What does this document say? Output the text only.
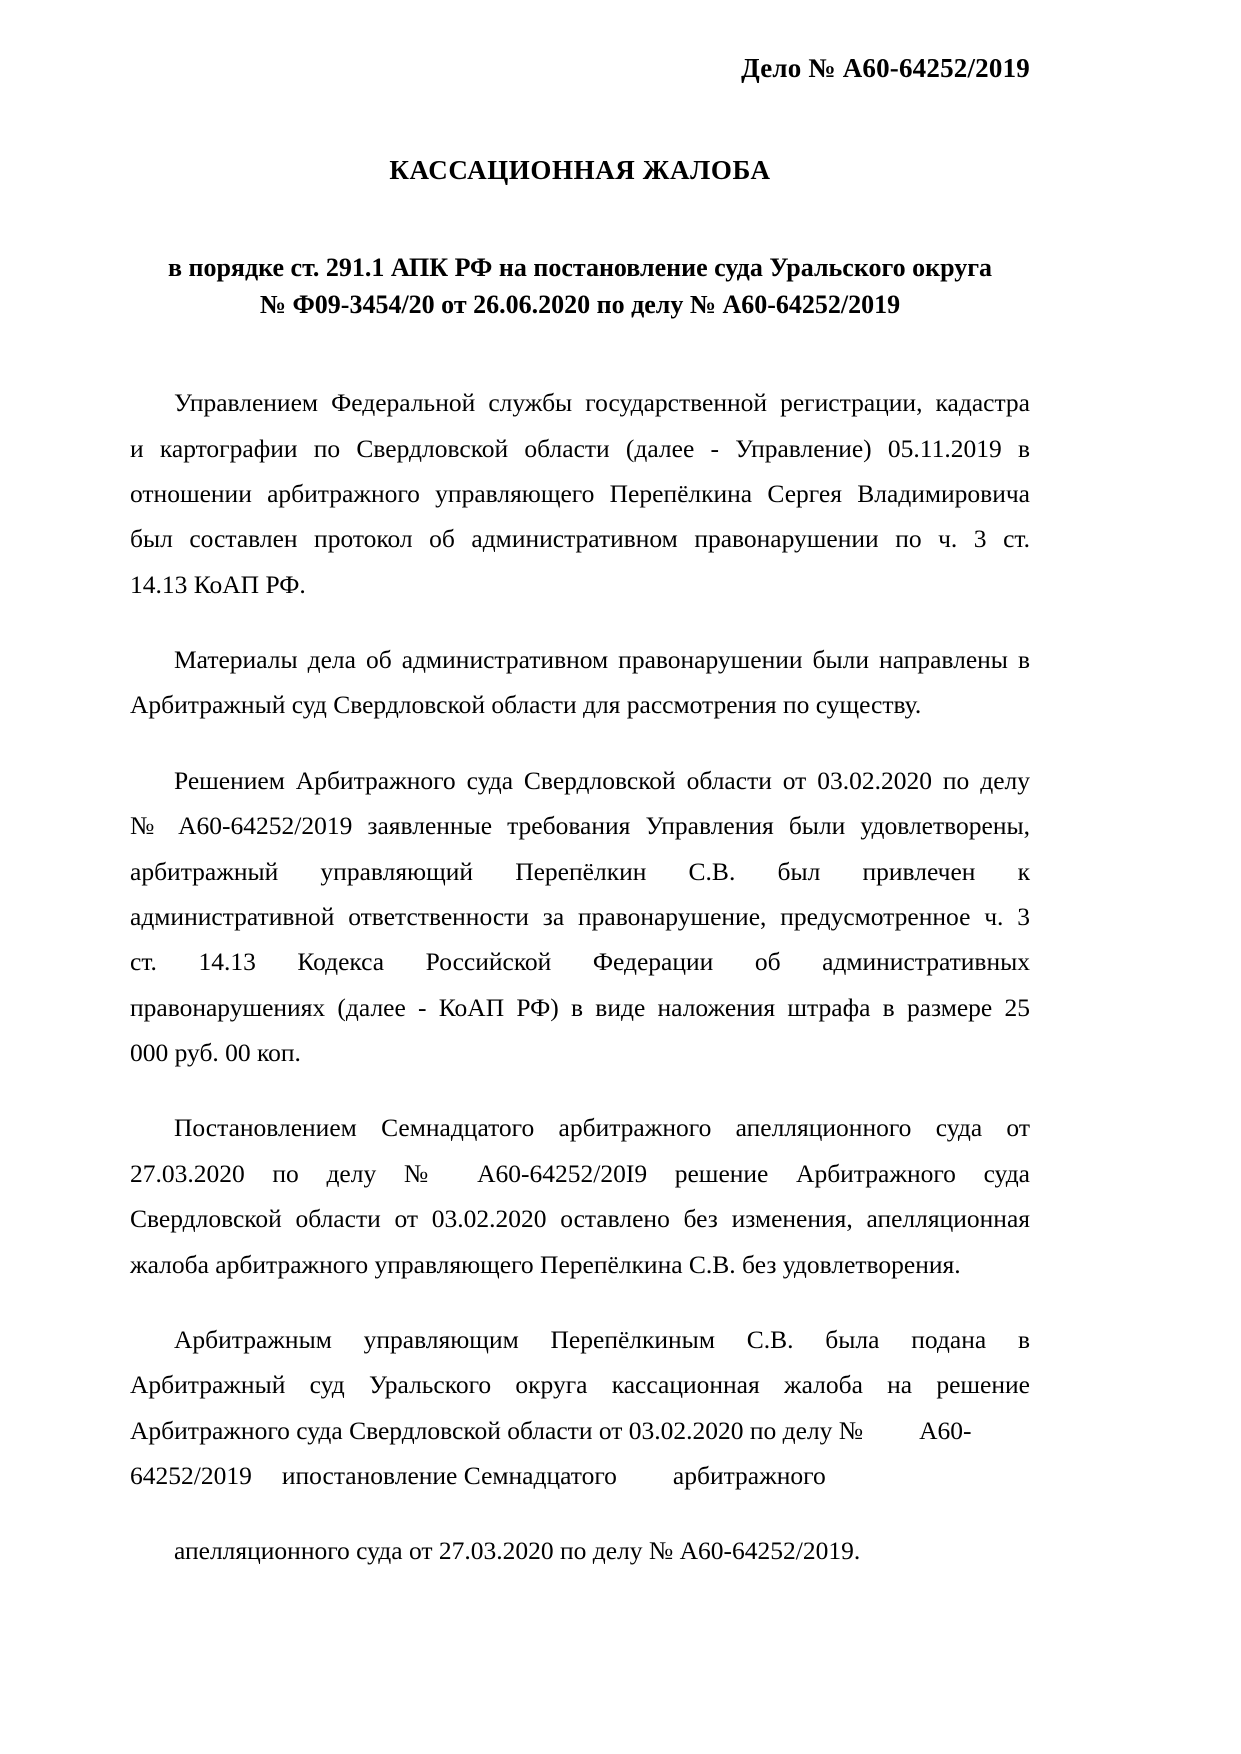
Дело № А60-64252/2019
КАССАЦИОННАЯ ЖАЛОБА
в порядке ст. 291.1 АПК РФ на постановление суда Уральского округа
№ Ф09-3454/20 от 26.06.2020 по делу № А60-64252/2019

Управлением Федеральной службы государственной регистрации, кадастра
и картографии по Свердловской области (далее - Управление) 05.11.2019 в
отношении арбитражного управляющего Перепёлкина Сергея Владимировича
был составлен протокол об административном правонарушении по ч. 3 ст.
14.13 КоАП РФ.

Материалы дела об административном правонарушении были направлены в
Арбитражный суд Свердловской области для рассмотрения по существу.

Решением Арбитражного суда Свердловской области от 03.02.2020 по делу
№ А60-64252/2019 заявленные требования Управления были удовлетворены,
арбитражный управляющий Перепёлкин С.В. был привлечен к
административной ответственности за правонарушение, предусмотренное ч. 3
ст. 14.13 Кодекса Российской Федерации об административных
правонарушениях (далее - КоАП РФ) в виде наложения штрафа в размере 25
000 руб. 00 коп.

Постановлением Семнадцатого арбитражного апелляционного суда от
27.03.2020 по делу № А60-64252/20I9 решение Арбитражного суда
Свердловской области от 03.02.2020 оставлено без изменения, апелляционная
жалоба арбитражного управляющего Перепёлкина С.В. без удовлетворения.

Арбитражным управляющим Перепёлкиным С.В. была подана в
Арбитражный суд Уральского округа кассационная жалоба на решение
Арбитражного суда Свердловской области от 03.02.2020 по делу № А60-
64252/2019 ипостановление Семнадцатого арбитражного

апелляционного суда от 27.03.2020 по делу № А60-64252/2019.
